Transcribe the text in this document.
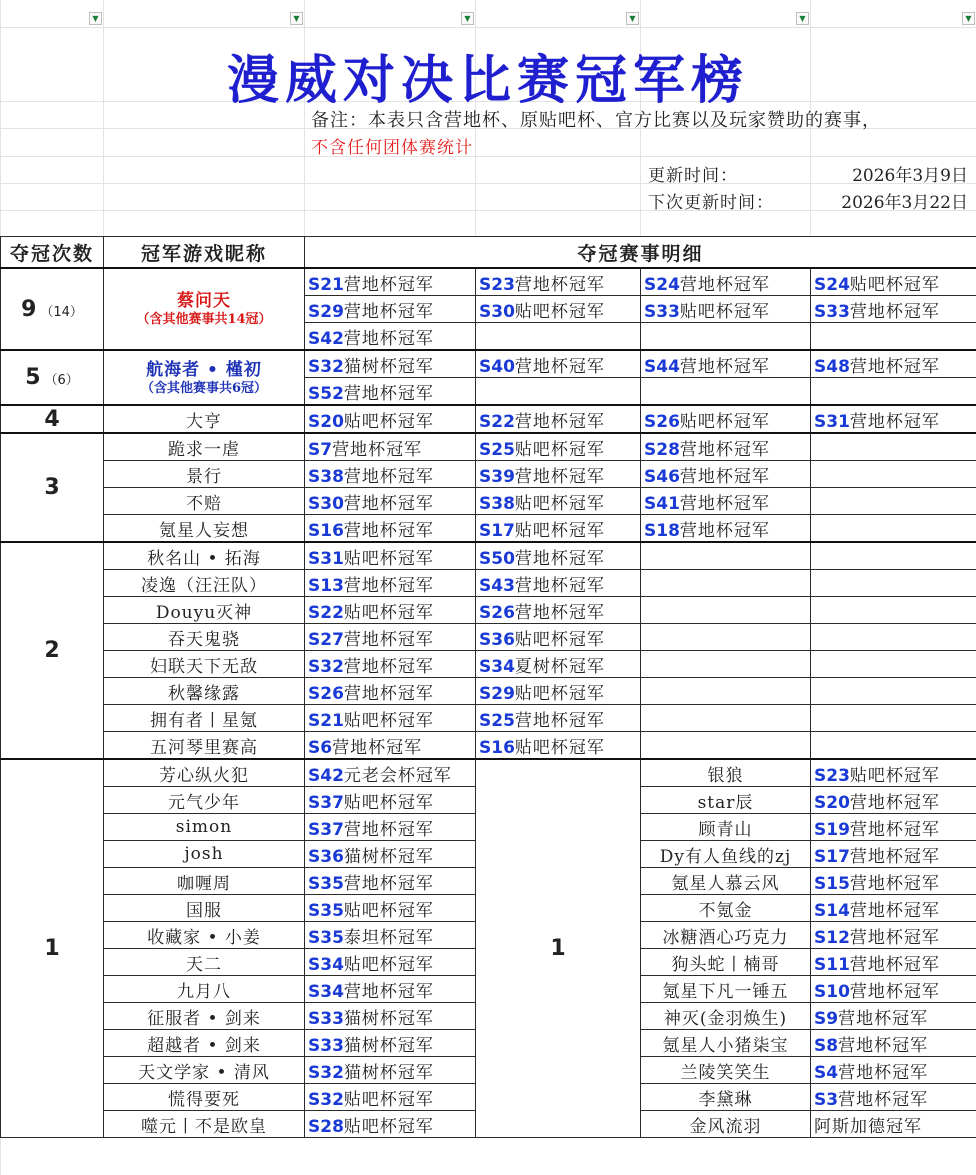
▼	▼	▼	▼	▼	▼
漫威对决比赛冠军榜
备注：本表只含营地杯、原贴吧杯、官方比赛以及玩家赞助的赛事，
不含任何团体赛统计
更新时间：	2026年3月9日
下次更新时间：	2026年3月22日
夺冠次数	冠军游戏昵称	夺冠赛事明细			
9 （14）	蔡问天
（含其他赛事共14冠）	S21营地杯冠军	S23营地杯冠军	S24营地杯冠军	S24贴吧杯冠军
		S29营地杯冠军	S30贴吧杯冠军	S33贴吧杯冠军	S33营地杯冠军
		S42营地杯冠军			
5 （6）	航海者 • 槿初
（含其他赛事共6冠）	S32猫树杯冠军	S40营地杯冠军	S44营地杯冠军	S48营地杯冠军
		S52营地杯冠军			
4	大亨	S20贴吧杯冠军	S22营地杯冠军	S26贴吧杯冠军	S31营地杯冠军
3	跪求一虐	S7营地杯冠军	S25贴吧杯冠军	S28营地杯冠军	
	景行	S38营地杯冠军	S39营地杯冠军	S46营地杯冠军	
	不赔	S30营地杯冠军	S38贴吧杯冠军	S41营地杯冠军	
	氪星人妄想	S16营地杯冠军	S17贴吧杯冠军	S18营地杯冠军	
2	秋名山 • 拓海	S31贴吧杯冠军	S50营地杯冠军		
	凌逸（汪汪队）	S13营地杯冠军	S43营地杯冠军		
	Douyu灭神	S22贴吧杯冠军	S26营地杯冠军		
	吞天鬼骁	S27营地杯冠军	S36贴吧杯冠军		
	妇联天下无敌	S32营地杯冠军	S34夏树杯冠军		
	秋馨缘露	S26营地杯冠军	S29贴吧杯冠军		
	拥有者丨星氪	S21贴吧杯冠军	S25营地杯冠军		
	五河琴里赛高	S6营地杯冠军	S16贴吧杯冠军		
1	芳心纵火犯	S42元老会杯冠军	1	银狼	S23贴吧杯冠军
	元气少年	S37贴吧杯冠军		star辰	S20营地杯冠军
	simon	S37营地杯冠军		顾青山	S19营地杯冠军
	josh	S36猫树杯冠军		Dy有人鱼线的zj	S17营地杯冠军
	咖喱周	S35营地杯冠军		氪星人慕云风	S15营地杯冠军
	国服	S35贴吧杯冠军		不氪金	S14营地杯冠军
	收藏家 • 小姜	S35泰坦杯冠军		冰糖酒心巧克力	S12营地杯冠军
	天二	S34贴吧杯冠军		狗头蛇丨楠哥	S11营地杯冠军
	九月八	S34营地杯冠军		氪星下凡一锤五	S10营地杯冠军
	征服者 • 剑来	S33猫树杯冠军		神灭(金羽焕生)	S9营地杯冠军
	超越者 • 剑来	S33猫树杯冠军		氪星人小猪柒宝	S8营地杯冠军
	天文学家 • 清风	S32猫树杯冠军		兰陵笑笑生	S4营地杯冠军
	慌得要死	S32贴吧杯冠军		李黛琳	S3营地杯冠军
	噬元丨不是欧皇	S28贴吧杯冠军		金风流羽	阿斯加德冠军
